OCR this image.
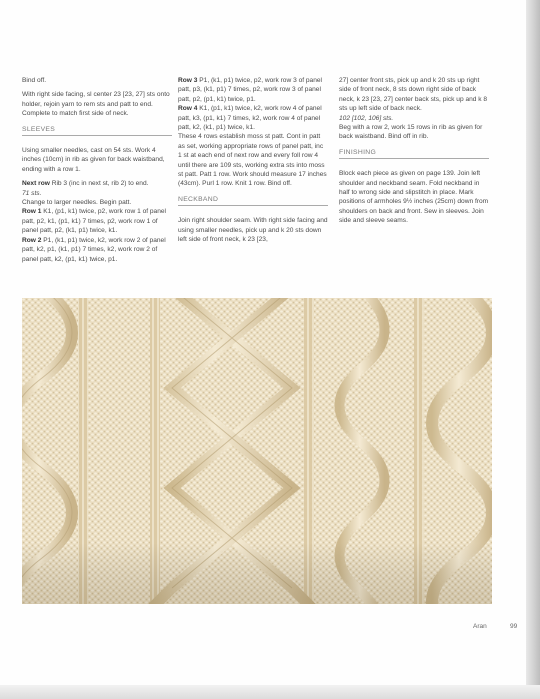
Bind off.

With right side facing, sl center 23 [23, 27] sts onto holder, rejoin yarn to rem sts and patt to end. Complete to match first side of neck.

SLEEVES

Using smaller needles, cast on 54 sts. Work 4 inches (10cm) in rib as given for back waistband, ending with a row 1.

Next row Rib 3 (inc in next st, rib 2) to end.
71 sts.

Change to larger needles. Begin patt.

Row 1 K1, (p1, k1) twice, p2, work row 1 of panel patt, p2, k1, (p1, k1) 7 times, p2, work row 1 of panel patt, p2, (k1, p1) twice, k1.

Row 2 P1, (k1, p1) twice, k2, work row 2 of panel patt, k2, p1, (k1, p1) 7 times, k2, work row 2 of panel patt, k2, (p1, k1) twice, p1.

Row 3 P1, (k1, p1) twice, p2, work row 3 of panel patt, p3, (k1, p1) 7 times, p2, work row 3 of panel patt, p2, (p1, k1) twice, p1.

Row 4 K1, (p1, k1) twice, k2, work row 4 of panel patt, k3, (p1, k1) 7 times, k2, work row 4 of panel patt, k2, (k1, p1) twice, k1.

These 4 rows establish moss st patt. Cont in patt as set, working appropriate rows of panel patt, inc 1 st at each end of next row and every foll row 4 until there are 109 sts, working extra sts into moss st patt. Patt 1 row. Work should measure 17 inches (43cm). Purl 1 row. Knit 1 row. Bind off.

NECKBAND

Join right shoulder seam. With right side facing and using smaller needles, pick up and k 20 sts down left side of front neck, k 23 [23,

27] center front sts, pick up and k 20 sts up right side of front neck, 8 sts down right side of back neck, k 23 [23, 27] center back sts, pick up and k 8 sts up left side of back neck.
102 [102, 106] sts.

Beg with a row 2, work 15 rows in rib as given for back waistband. Bind off in rib.

FINISHING

Block each piece as given on page 139. Join left shoulder and neckband seam. Fold neckband in half to wrong side and slipstitch in place. Mark positions of armholes 9½ inches (25cm) down from shoulders on back and front. Sew in sleeves. Join side and sleeve seams.

Aran	99
